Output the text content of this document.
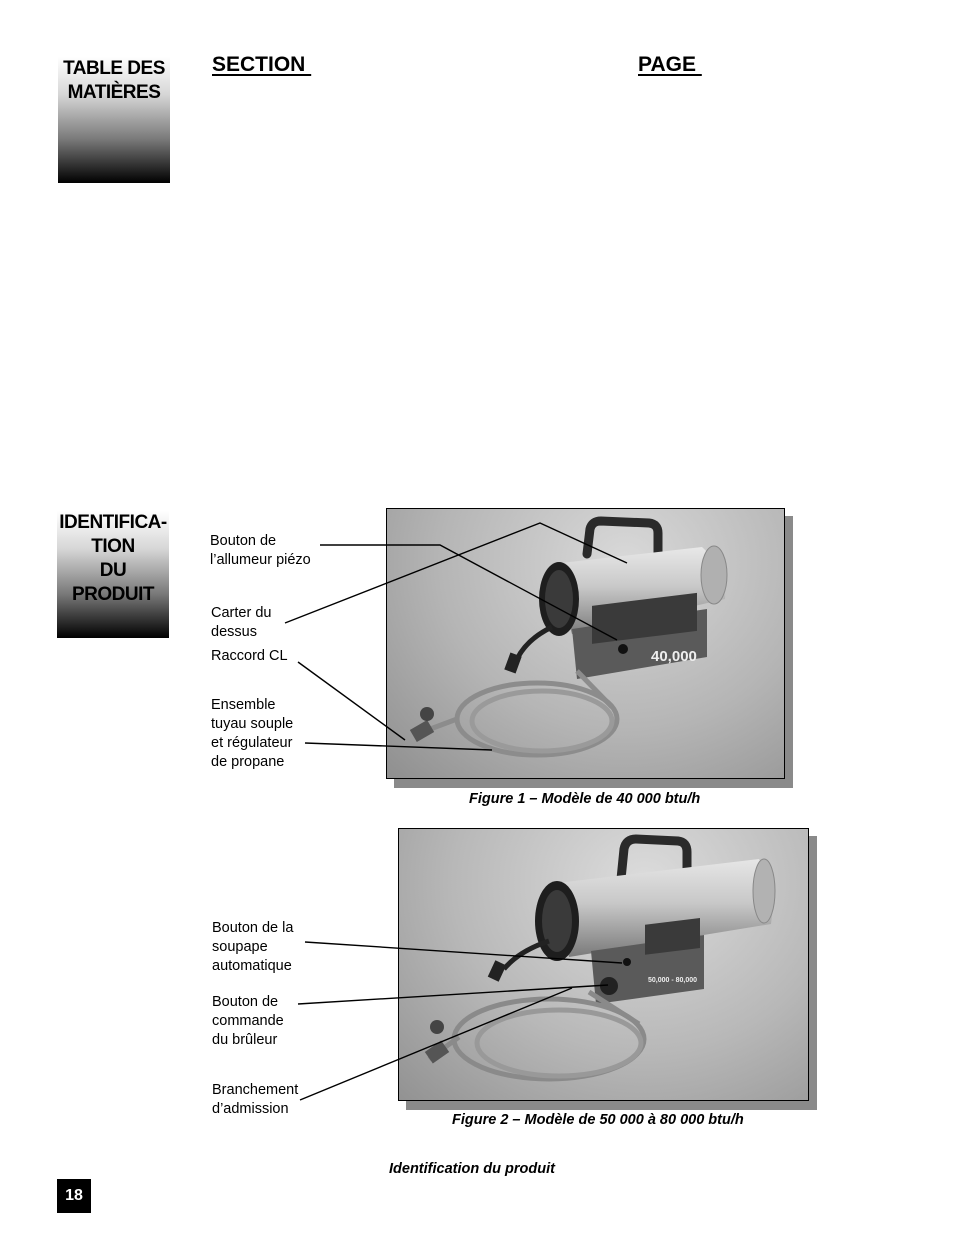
TABLE DES
MATIÈRES
SECTION	PAGE
IDENTIFICA-
TION
DU
PRODUIT
40,000
Bouton de
l’allumeur piézo
Carter du
dessus
Raccord CL
Ensemble
tuyau souple
et régulateur
de propane
Figure 1 – Modèle de 40 000 btu/h
50,000 - 80,000
Bouton de la
soupape
automatique
Bouton de
commande
du brûleur
Branchement
d’admission
Figure 2 – Modèle de 50 000 à 80 000 btu/h
Identification du produit
18
